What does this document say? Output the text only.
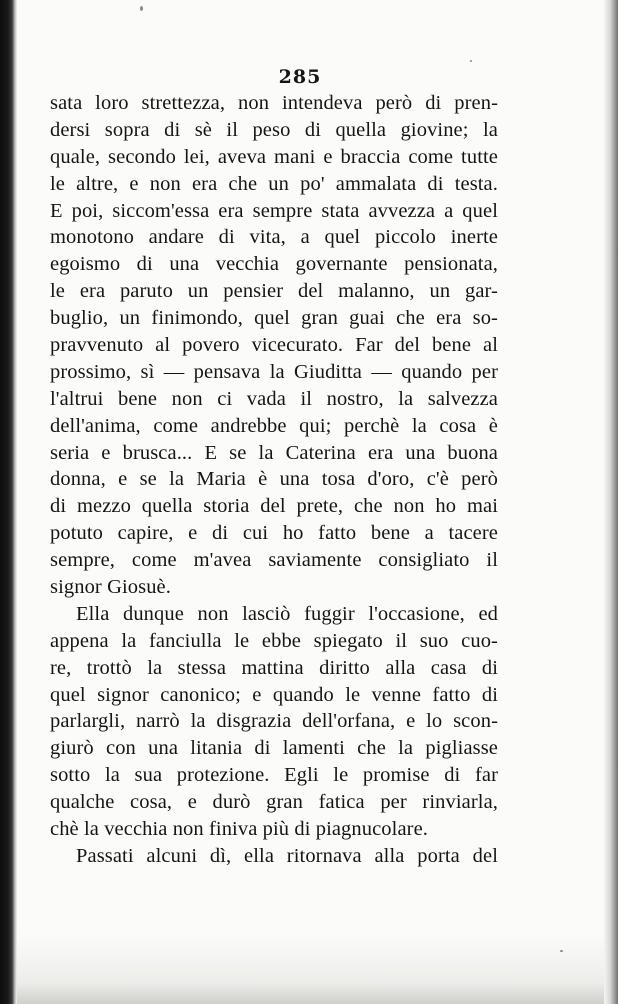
285
sata loro strettezza, non intendeva però di pren-
dersi sopra di sè il peso di quella giovine; la
quale, secondo lei, aveva mani e braccia come tutte
le altre, e non era che un po' ammalata di testa.
E poi, siccom'essa era sempre stata avvezza a quel
monotono andare di vita, a quel piccolo inerte
egoismo di una vecchia governante pensionata,
le era paruto un pensier del malanno, un gar-
buglio, un finimondo, quel gran guai che era so-
pravvenuto al povero vicecurato. Far del bene al
prossimo, sì — pensava la Giuditta — quando per
l'altrui bene non ci vada il nostro, la salvezza
dell'anima, come andrebbe qui; perchè la cosa è
seria e brusca... E se la Caterina era una buona
donna, e se la Maria è una tosa d'oro, c'è però
di mezzo quella storia del prete, che non ho mai
potuto capire, e di cui ho fatto bene a tacere
sempre, come m'avea saviamente consigliato il
signor Giosuè.
Ella dunque non lasciò fuggir l'occasione, ed
appena la fanciulla le ebbe spiegato il suo cuo-
re, trottò la stessa mattina diritto alla casa di
quel signor canonico; e quando le venne fatto di
parlargli, narrò la disgrazia dell'orfana, e lo scon-
giurò con una litania di lamenti che la pigliasse
sotto la sua protezione. Egli le promise di far
qualche cosa, e durò gran fatica per rinviarla,
chè la vecchia non finiva più di piagnucolare.
Passati alcuni dì, ella ritornava alla porta del
